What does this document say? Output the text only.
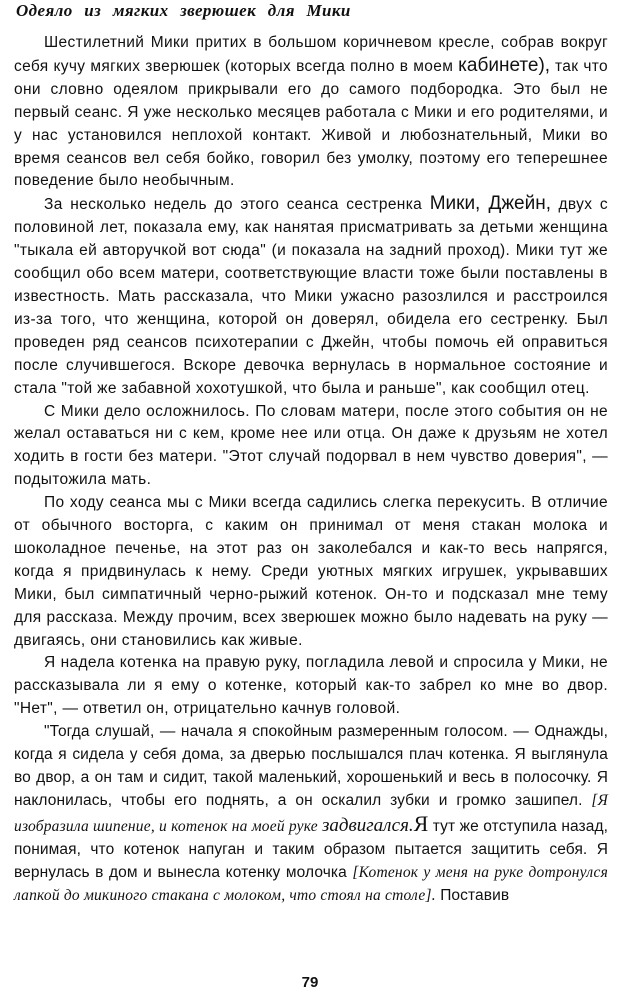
Одеяло из мягких зверюшек для Мики

Шестилетний Мики притих в большом коричневом кресле, собрав вокруг себя кучу мягких зверюшек (которых всегда полно в моем кабинете), так что они словно одеялом прикрывали его до самого подбородка. Это был не первый сеанс. Я уже несколько месяцев работала с Мики и его родителями, и у нас установился неплохой контакт. Живой и любознательный, Мики во время сеансов вел себя бойко, говорил без умолку, поэтому его теперешнее поведение было необычным.

За несколько недель до этого сеанса сестренка Мики, Джейн, двух с половиной лет, показала ему, как нанятая присматривать за детьми женщина "тыкала ей авторучкой вот сюда" (и показала на задний проход). Мики тут же сообщил обо всем матери, соответствующие власти тоже были поставлены в известность. Мать рассказала, что Мики ужасно разозлился и расстроился из-за того, что женщина, которой он доверял, обидела его сестренку. Был проведен ряд сеансов психотерапии с Джейн, чтобы помочь ей оправиться после случившегося. Вскоре девочка вернулась в нормальное состояние и стала "той же забавной хохотушкой, что была и раньше", как сообщил отец.

С Мики дело осложнилось. По словам матери, после этого события он не желал оставаться ни с кем, кроме нее или отца. Он даже к друзьям не хотел ходить в гости без матери. "Этот случай подорвал в нем чувство доверия", — подытожила мать.

По ходу сеанса мы с Мики всегда садились слегка перекусить. В отличие от обычного восторга, с каким он принимал от меня стакан молока и шоколадное печенье, на этот раз он заколебался и как-то весь напрягся, когда я придвинулась к нему. Среди уютных мягких игрушек, укрывавших Мики, был симпатичный черно-рыжий котенок. Он-то и подсказал мне тему для рассказа. Между прочим, всех зверюшек можно было надевать на руку — двигаясь, они становились как живые.

Я надела котенка на правую руку, погладила левой и спросила у Мики, не рассказывала ли я ему о котенке, который как-то забрел ко мне во двор. "Нет", — ответил он, отрицательно качнув головой.

"Тогда слушай, — начала я спокойным размеренным голосом. — Однажды, когда я сидела у себя дома, за дверью послышался плач котенка. Я выглянула во двор, а он там и сидит, такой маленький, хорошенький и весь в полосочку. Я наклонилась, чтобы его поднять, а он оскалил зубки и громко зашипел. [Я изобразила шипение, и котенок на моей руке задвигался.Я тут же отступила назад, понимая, что котенок напуган и таким образом пытается защитить себя. Я вернулась в дом и вынесла котенку молочка [Котенок у меня на руке дотронулся лапкой до микиного стакана с молоком, что стоял на столе]. Поставив

79
